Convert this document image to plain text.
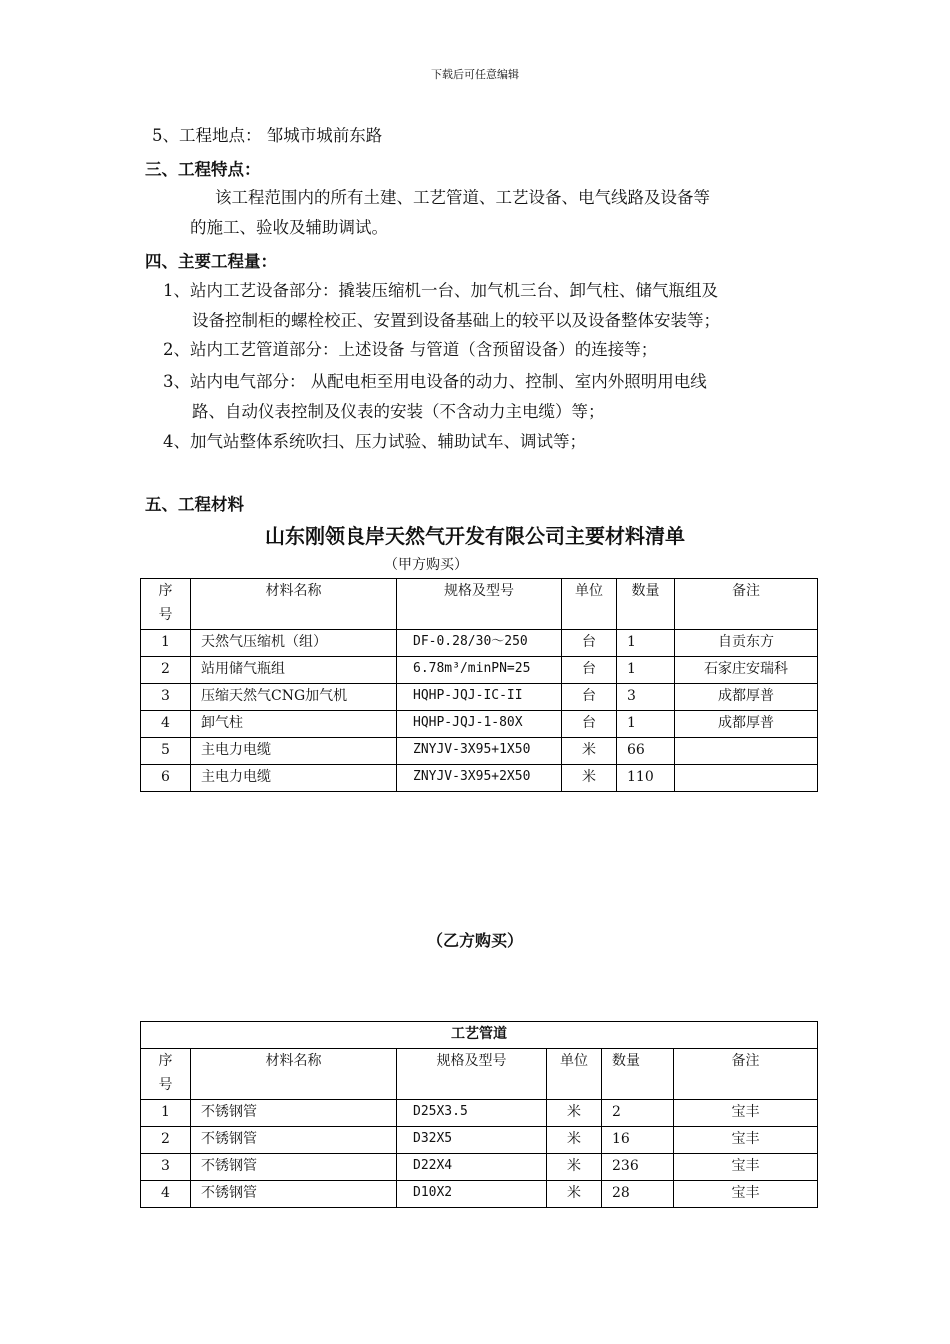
下载后可任意编辑
5、工程地点： 邹城市城前东路
三、工程特点：
该工程范围内的所有土建、工艺管道、工艺设备、电气线路及设备等
的施工、验收及辅助调试。
四、主要工程量：
1、站内工艺设备部分：撬装压缩机一台、加气机三台、卸气柱、储气瓶组及
设备控制柜的螺栓校正、安置到设备基础上的较平以及设备整体安装等；
2、站内工艺管道部分：上述设备 与管道（含预留设备）的连接等；
3、站内电气部分： 从配电柜至用电设备的动力、控制、室内外照明用电线
路、自动仪表控制及仪表的安装（不含动力主电缆）等；
4、加气站整体系统吹扫、压力试验、辅助试车、调试等；
五、工程材料
山东刚领良岸天然气开发有限公司主要材料清单
（甲方购买）
序
号	材料名称	规格及型号	单位	数量	备注
1	天然气压缩机（组）	DF-0.28/30～250	台	1	自贡东方
2	站用储气瓶组	6.78m³/minPN=25	台	1	石家庄安瑞科
3	压缩天然气CNG加气机	HQHP-JQJ-IC-II	台	3	成都厚普
4	卸气柱	HQHP-JQJ-1-80X	台	1	成都厚普
5	主电力电缆	ZNYJV-3X95+1X50	米	66	
6	主电力电缆	ZNYJV-3X95+2X50	米	110	
（乙方购买）
工艺管道					
序
号	材料名称	规格及型号	单位	数量	备注
1	不锈钢管	D25X3.5	米	2	宝丰
2	不锈钢管	D32X5	米	16	宝丰
3	不锈钢管	D22X4	米	236	宝丰
4	不锈钢管	D10X2	米	28	宝丰
